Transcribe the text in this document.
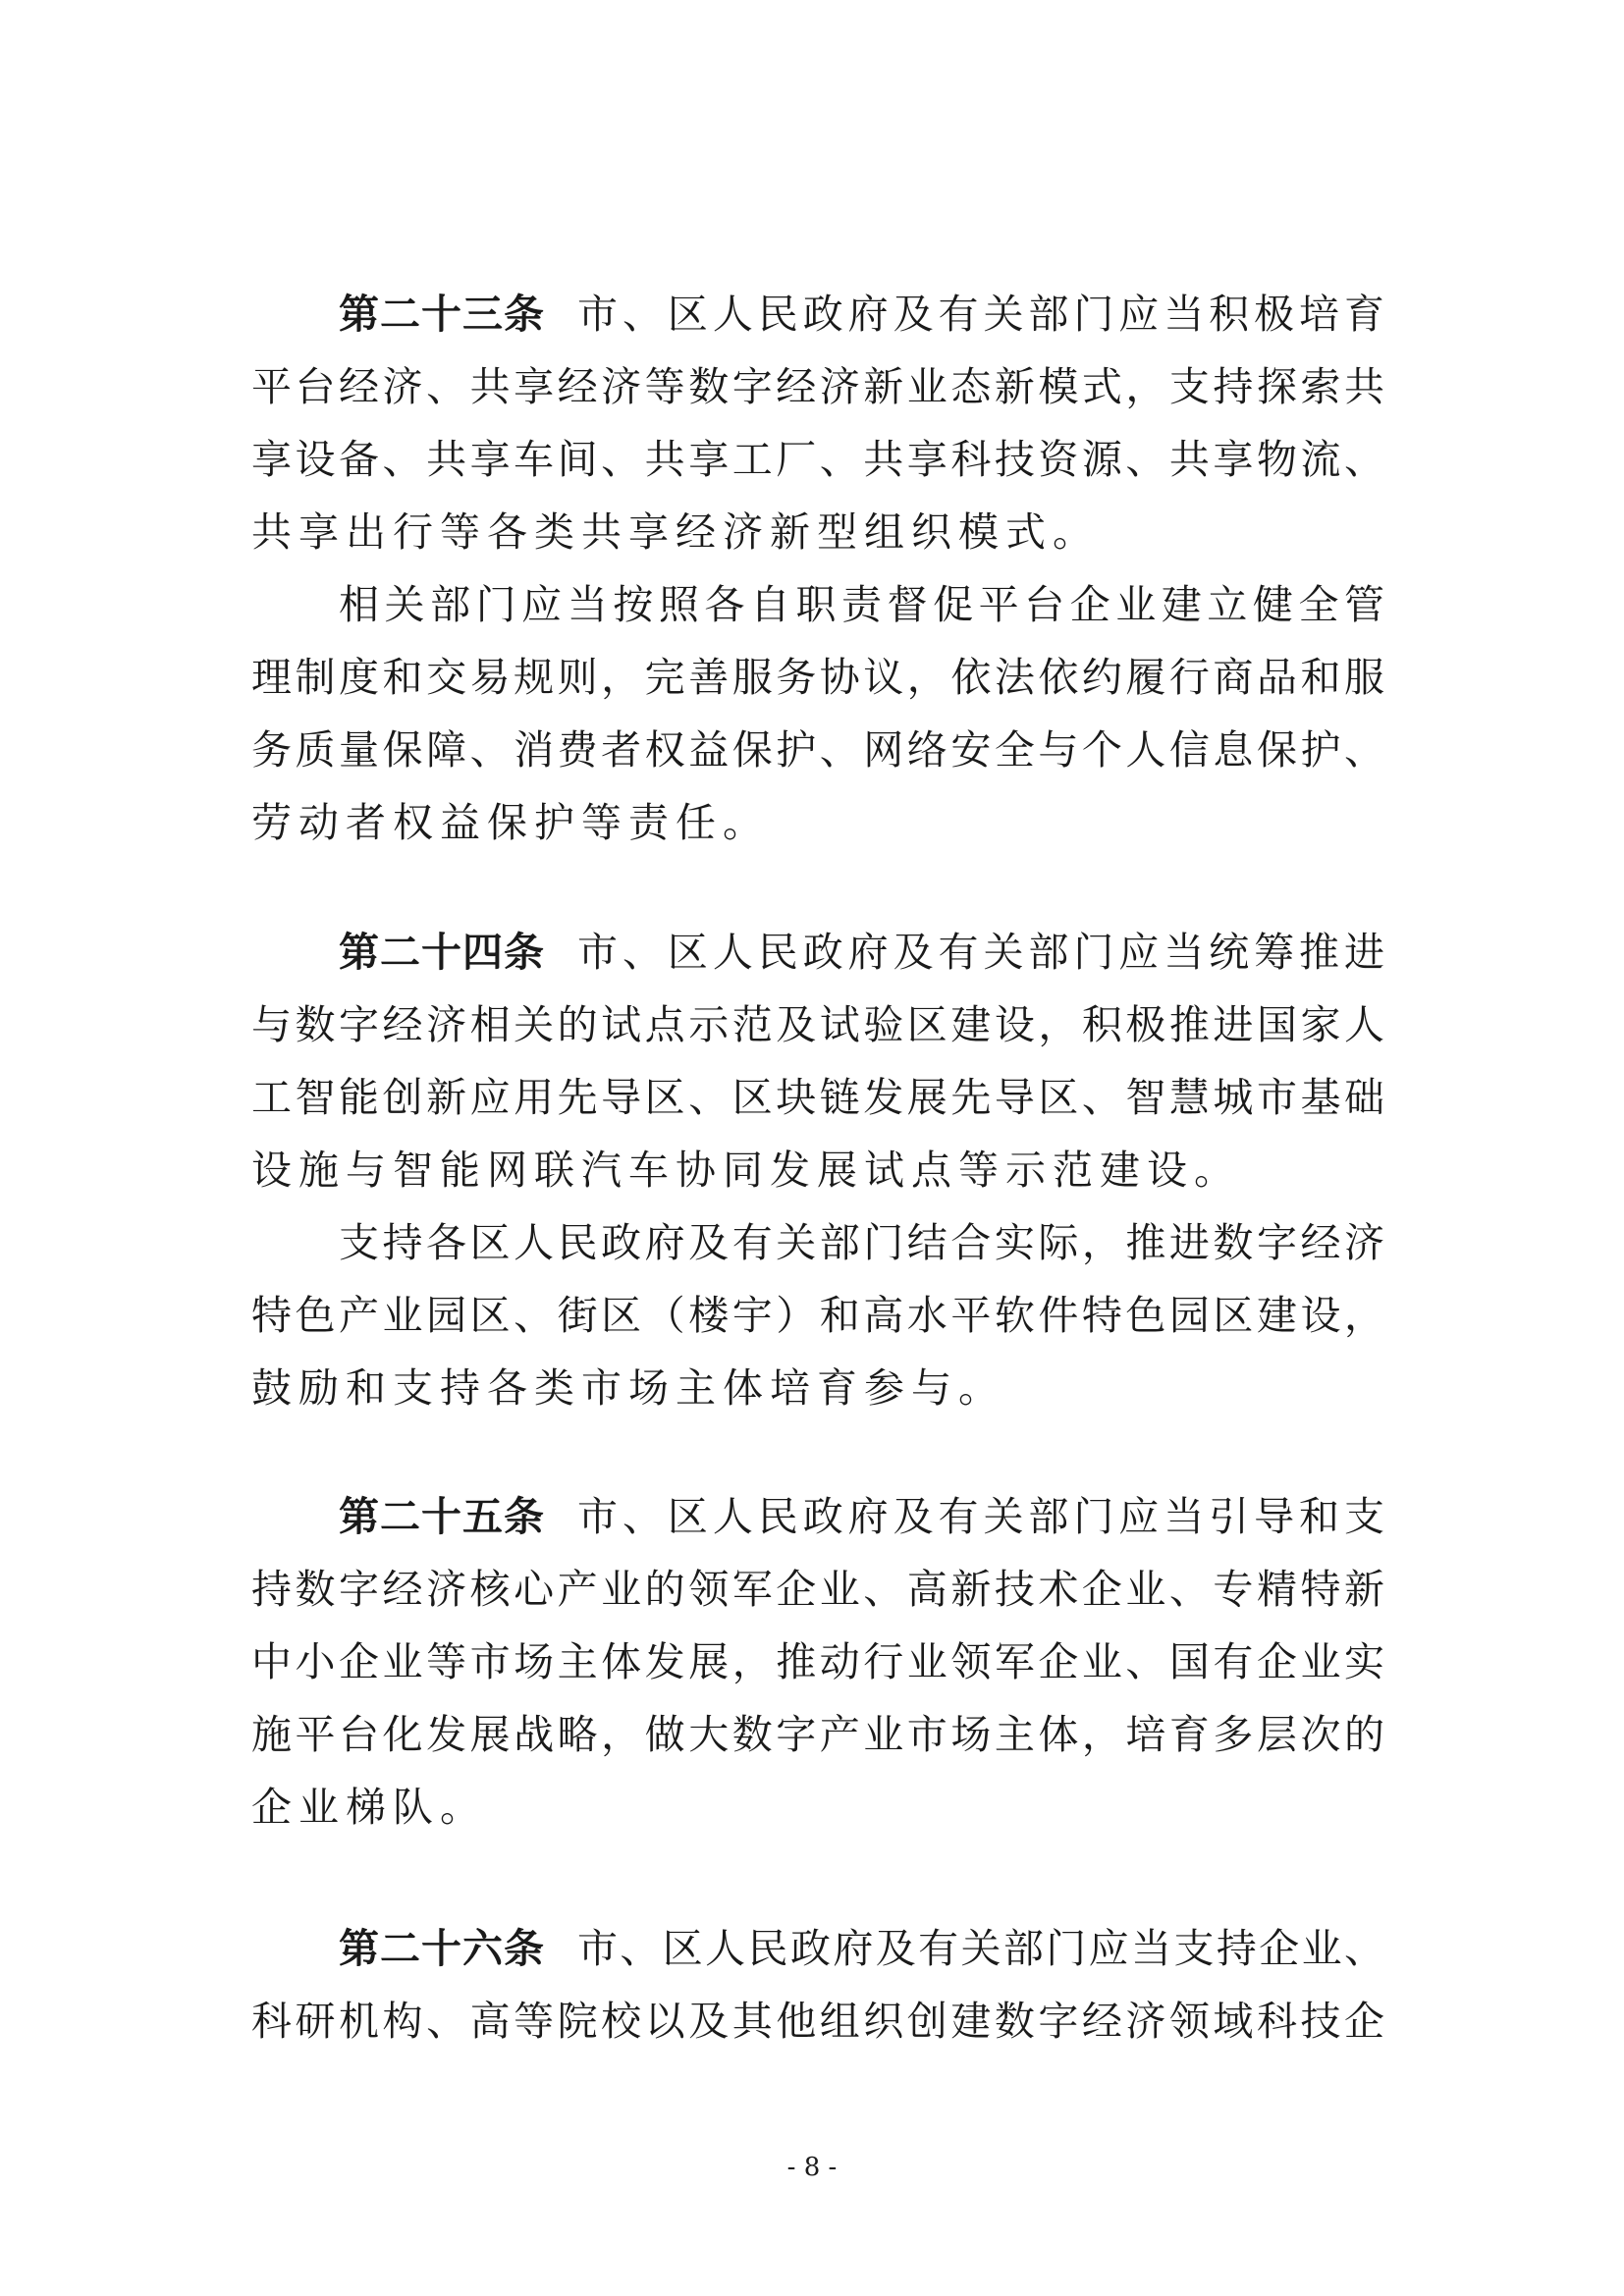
第二十三条 市、区人民政府及有关部门应当积极培育
平台经济、共享经济等数字经济新业态新模式，支持探索共
享设备、共享车间、共享工厂、共享科技资源、共享物流、
共享出行等各类共享经济新型组织模式。
相关部门应当按照各自职责督促平台企业建立健全管
理制度和交易规则，完善服务协议，依法依约履行商品和服
务质量保障、消费者权益保护、网络安全与个人信息保护、
劳动者权益保护等责任。
第二十四条 市、区人民政府及有关部门应当统筹推进
与数字经济相关的试点示范及试验区建设，积极推进国家人
工智能创新应用先导区、区块链发展先导区、智慧城市基础
设施与智能网联汽车协同发展试点等示范建设。
支持各区人民政府及有关部门结合实际，推进数字经济
特色产业园区、街区（楼宇）和高水平软件特色园区建设，
鼓励和支持各类市场主体培育参与。
第二十五条 市、区人民政府及有关部门应当引导和支
持数字经济核心产业的领军企业、高新技术企业、专精特新
中小企业等市场主体发展，推动行业领军企业、国有企业实
施平台化发展战略，做大数字产业市场主体，培育多层次的
企业梯队。
第二十六条 市、区人民政府及有关部门应当支持企业、
科研机构、高等院校以及其他组织创建数字经济领域科技企
- 8 -
